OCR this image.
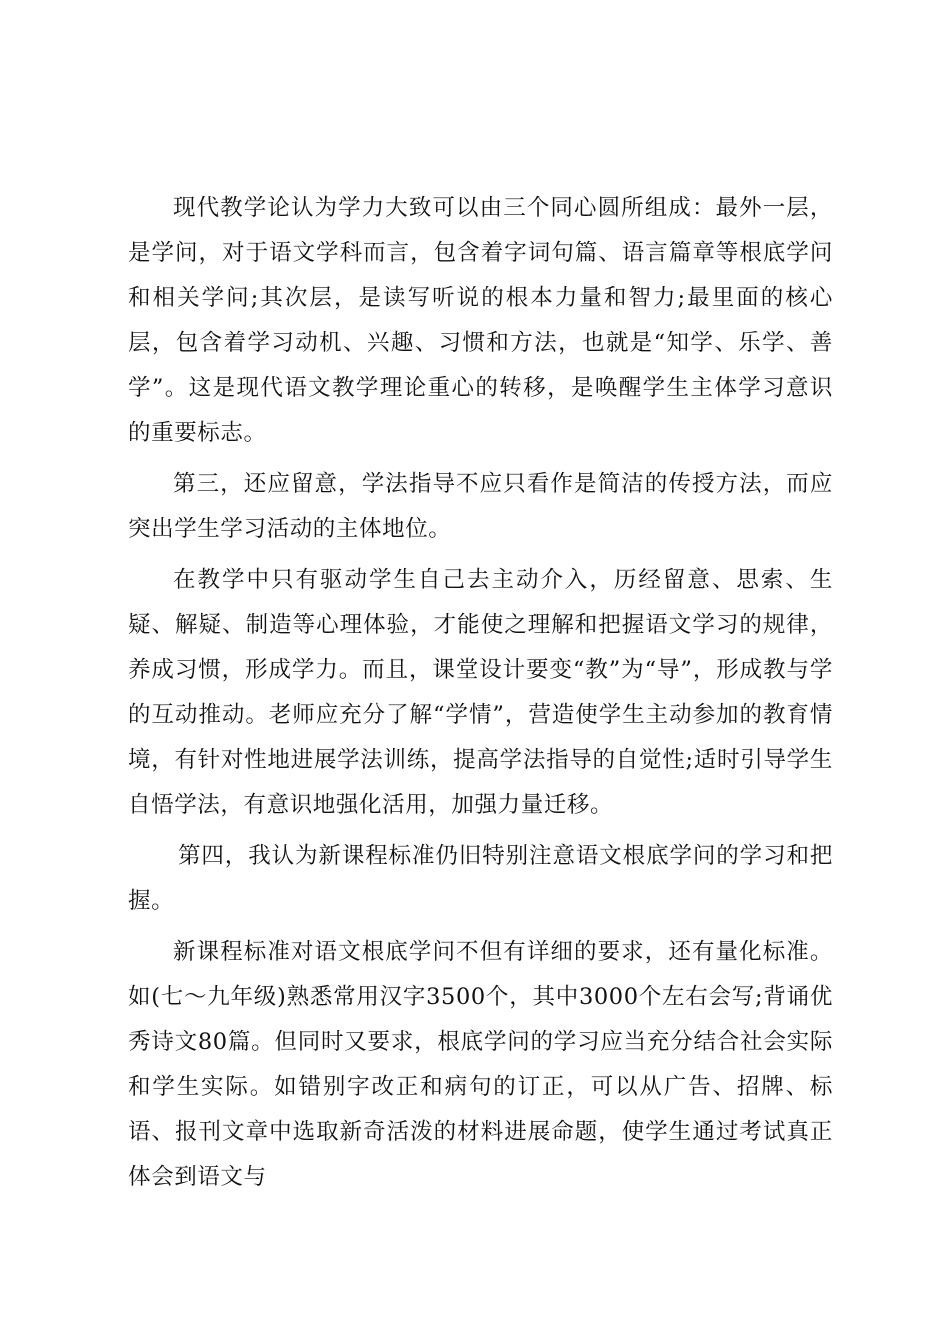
现代教学论认为学力大致可以由三个同心圆所组成：最外一层，是学问，对于语文学科而言，包含着字词句篇、语言篇章等根底学问和相关学问;其次层，是读写听说的根本力量和智力;最里面的核心层，包含着学习动机、兴趣、习惯和方法，也就是“知学、乐学、善学”。这是现代语文教学理论重心的转移，是唤醒学生主体学习意识的重要标志。

第三，还应留意，学法指导不应只看作是简洁的传授方法，而应突出学生学习活动的主体地位。

在教学中只有驱动学生自己去主动介入，历经留意、思索、生疑、解疑、制造等心理体验，才能使之理解和把握语文学习的规律，养成习惯，形成学力。而且，课堂设计要变“教”为“导”，形成教与学的互动推动。老师应充分了解“学情”，营造使学生主动参加的教育情境，有针对性地进展学法训练，提高学法指导的自觉性;适时引导学生自悟学法，有意识地强化活用，加强力量迁移。

第四，我认为新课程标准仍旧特别注意语文根底学问的学习和把握。

新课程标准对语文根底学问不但有详细的要求，还有量化标准。如(七～九年级)熟悉常用汉字3500个，其中3000个左右会写;背诵优秀诗文80篇。但同时又要求，根底学问的学习应当充分结合社会实际和学生实际。如错别字改正和病句的订正，可以从广告、招牌、标语、报刊文章中选取新奇活泼的材料进展命题，使学生通过考试真正体会到语文与
